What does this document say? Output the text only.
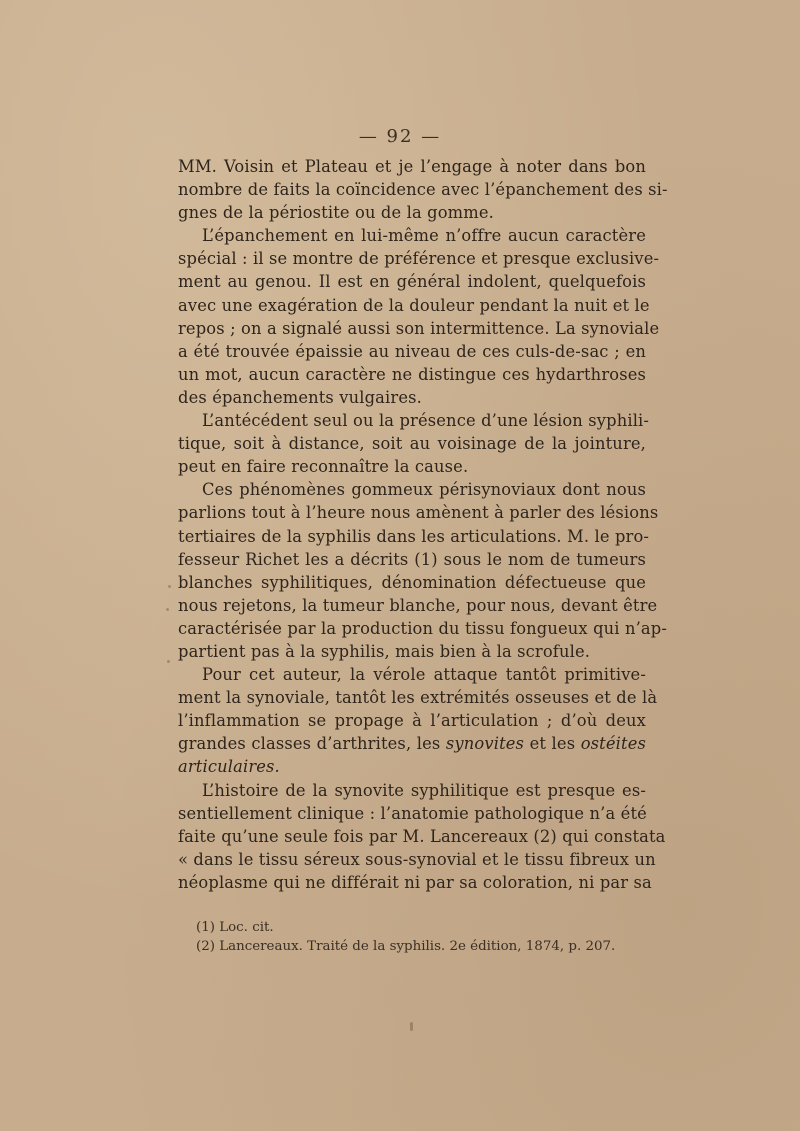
— 92 —
MM. Voisin et Plateau et je l’engage à noter dans bon
nombre de faits la coïncidence avec l’épanchement des si-
gnes de la périostite ou de la gomme.
L’épanchement en lui-même n’offre aucun caractère
spécial : il se montre de préférence et presque exclusive-
ment au genou. Il est en général indolent, quelquefois
avec une exagération de la douleur pendant la nuit et le
repos ; on a signalé aussi son intermittence. La synoviale
a été trouvée épaissie au niveau de ces culs-de-sac ; en
un mot, aucun caractère ne distingue ces hydarthroses
des épanchements vulgaires.
L’antécédent seul ou la présence d’une lésion syphili-
tique, soit à distance, soit au voisinage de la jointure,
peut en faire reconnaître la cause.
Ces phénomènes gommeux périsynoviaux dont nous
parlions tout à l’heure nous amènent à parler des lésions
tertiaires de la syphilis dans les articulations. M. le pro-
fesseur Richet les a décrits (1) sous le nom de tumeurs
blanches syphilitiques, dénomination défectueuse que
nous rejetons, la tumeur blanche, pour nous, devant être
caractérisée par la production du tissu fongueux qui n’ap-
partient pas à la syphilis, mais bien à la scrofule.
Pour cet auteur, la vérole attaque tantôt primitive-
ment la synoviale, tantôt les extrémités osseuses et de là
l’inflammation se propage à l’articulation ; d’où deux
grandes classes d’arthrites, les synovites et les ostéites
articulaires.
L’histoire de la synovite syphilitique est presque es-
sentiellement clinique : l’anatomie pathologique n’a été
faite qu’une seule fois par M. Lancereaux (2) qui constata
« dans le tissu séreux sous-synovial et le tissu fibreux un
néoplasme qui ne différait ni par sa coloration, ni par sa
(1) Loc. cit.
(2) Lancereaux. Traité de la syphilis. 2e édition, 1874, p. 207.
